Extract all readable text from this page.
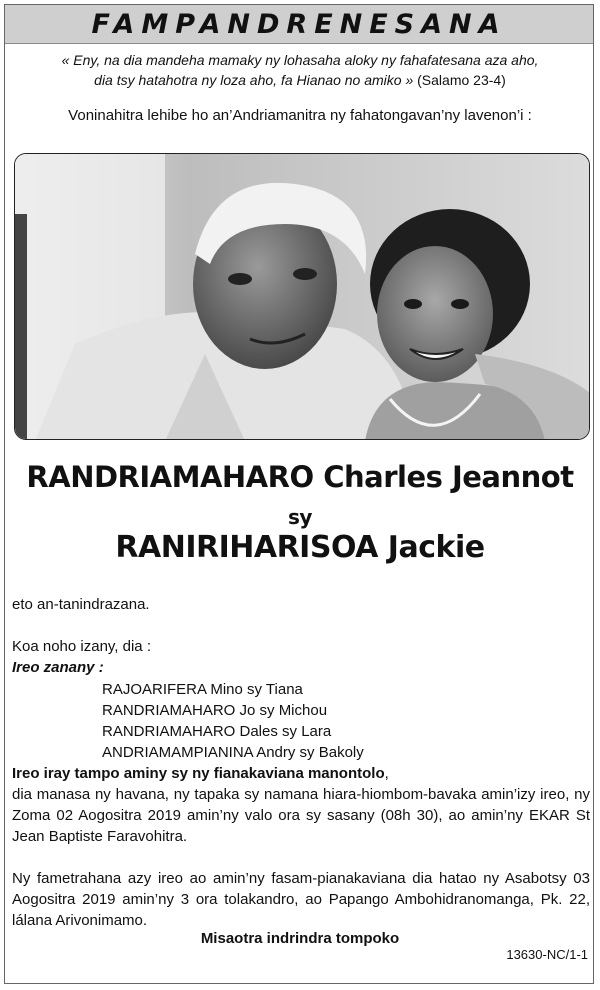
FAMPANDRENESANA
« Eny, na dia mandeha mamaky ny lohasaha aloky ny fahafatesana aza aho,
dia tsy hatahotra ny loza aho, fa Hianao no amiko » (Salamo 23-4)
Voninahitra lehibe ho an’Andriamanitra ny fahatongavan’ny lavenon’i :
RANDRIAMAHARO Charles Jeannot
sy
RANIRIHARISOA Jackie
eto an-tanindrazana.
Koa noho izany, dia :
Ireo zanany :
RAJOARIFERA Mino sy Tiana
RANDRIAMAHARO Jo sy Michou
RANDRIAMAHARO Dales sy Lara
ANDRIAMAMPIANINA Andry sy Bakoly
Ireo iray tampo aminy sy ny fianakaviana manontolo,
dia manasa ny havana, ny tapaka sy namana hiara-hiombom-bavaka amin’izy ireo, ny Zoma 02 Aogositra 2019 amin’ny valo ora sy sasany (08h 30), ao amin’ny EKAR St Jean Baptiste Faravohitra.
Ny fametrahana azy ireo ao amin’ny fasam-pianakaviana dia hatao ny Asabotsy 03 Aogositra 2019 amin’ny 3 ora tolakandro, ao Papango Ambohidranomanga, Pk. 22, lálana Arivonimamo.
Misaotra indrindra tompoko
13630-NC/1-1
